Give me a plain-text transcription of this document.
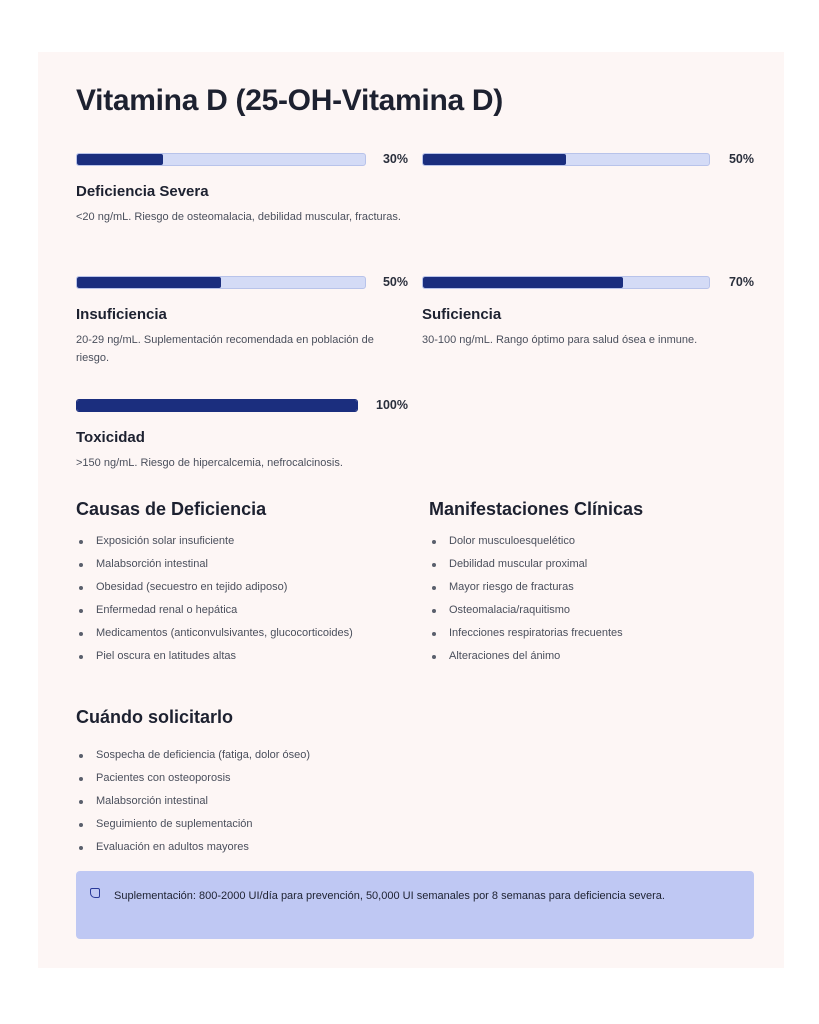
Vitamina D (25-OH-Vitamina D)
30%
Deficiencia Severa
<20 ng/mL. Riesgo de osteomalacia, debilidad muscular, fracturas.
50%
50%
Insuficiencia
20-29 ng/mL. Suplementación recomendada en población de riesgo.
70%
Suficiencia
30-100 ng/mL. Rango óptimo para salud ósea e inmune.
100%
Toxicidad
>150 ng/mL. Riesgo de hipercalcemia, nefrocalcinosis.
Causas de Deficiencia
Exposición solar insuficiente
Malabsorción intestinal
Obesidad (secuestro en tejido adiposo)
Enfermedad renal o hepática
Medicamentos (anticonvulsivantes, glucocorticoides)
Piel oscura en latitudes altas
Manifestaciones Clínicas
Dolor musculoesquelético
Debilidad muscular proximal
Mayor riesgo de fracturas
Osteomalacia/raquitismo
Infecciones respiratorias frecuentes
Alteraciones del ánimo
Cuándo solicitarlo
Sospecha de deficiencia (fatiga, dolor óseo)
Pacientes con osteoporosis
Malabsorción intestinal
Seguimiento de suplementación
Evaluación en adultos mayores
Suplementación: 800-2000 UI/día para prevención, 50,000 UI semanales por 8 semanas para deficiencia severa.
